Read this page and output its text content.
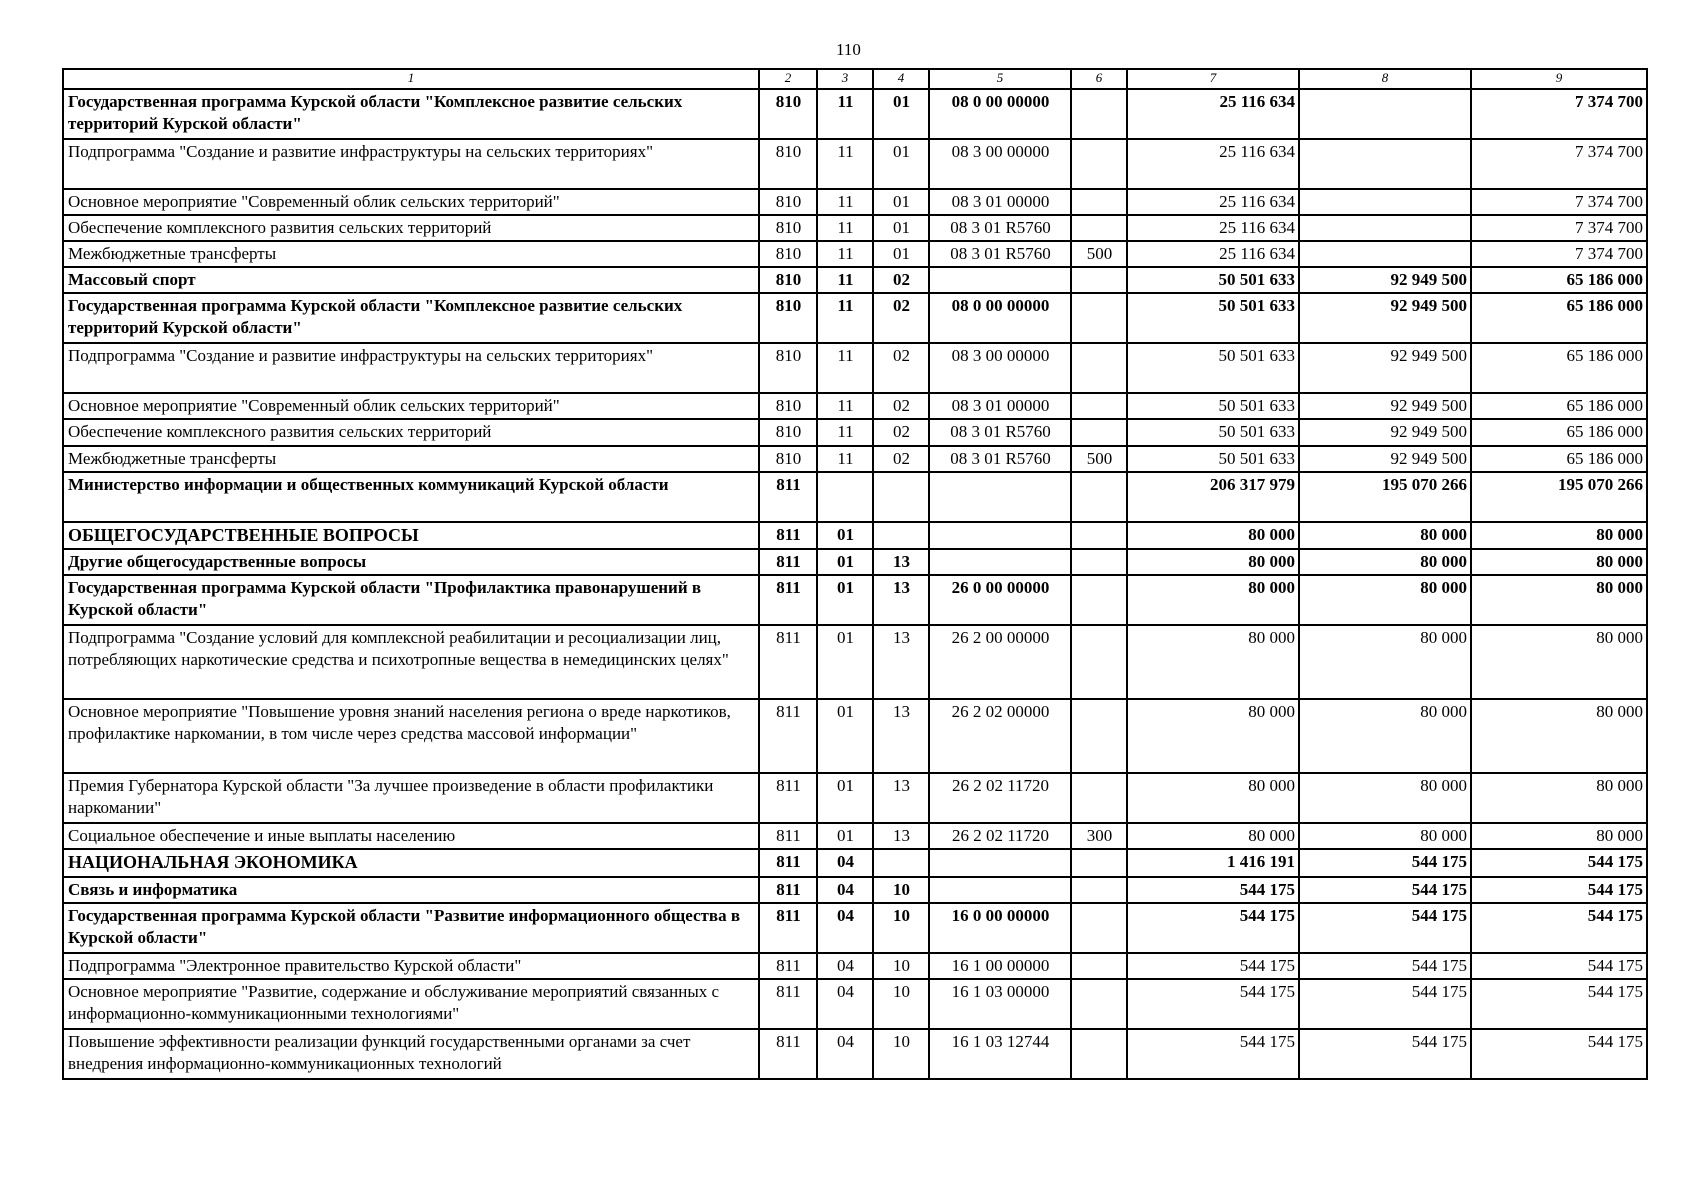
110
1	2	3	4	5	6	7	8	9
Государственная программа Курской области "Комплексное развитие сельских территорий Курской области"	810	11	01	08 0 00 00000		25 116 634		7 374 700
Подпрограмма "Создание и развитие инфраструктуры на сельских территориях"	810	11	01	08 3 00 00000		25 116 634		7 374 700
Основное мероприятие "Современный облик сельских территорий"	810	11	01	08 3 01 00000		25 116 634		7 374 700
Обеспечение комплексного развития сельских территорий	810	11	01	08 3 01 R5760		25 116 634		7 374 700
Межбюджетные трансферты	810	11	01	08 3 01 R5760	500	25 116 634		7 374 700
Массовый спорт	810	11	02			50 501 633	92 949 500	65 186 000
Государственная программа Курской области "Комплексное развитие сельских территорий Курской области"	810	11	02	08 0 00 00000		50 501 633	92 949 500	65 186 000
Подпрограмма "Создание и развитие инфраструктуры на сельских территориях"	810	11	02	08 3 00 00000		50 501 633	92 949 500	65 186 000
Основное мероприятие "Современный облик сельских территорий"	810	11	02	08 3 01 00000		50 501 633	92 949 500	65 186 000
Обеспечение комплексного развития сельских территорий	810	11	02	08 3 01 R5760		50 501 633	92 949 500	65 186 000
Межбюджетные трансферты	810	11	02	08 3 01 R5760	500	50 501 633	92 949 500	65 186 000
Министерство информации и общественных коммуникаций Курской области	811					206 317 979	195 070 266	195 070 266
ОБЩЕГОСУДАРСТВЕННЫЕ ВОПРОСЫ	811	01				80 000	80 000	80 000
Другие общегосударственные вопросы	811	01	13			80 000	80 000	80 000
Государственная программа Курской области "Профилактика правонарушений в Курской области"	811	01	13	26 0 00 00000		80 000	80 000	80 000
Подпрограмма "Создание условий для комплексной реабилитации и ресоциализации лиц, потребляющих наркотические средства и психотропные вещества в немедицинских целях"	811	01	13	26 2 00 00000		80 000	80 000	80 000
Основное мероприятие "Повышение уровня знаний населения региона о вреде наркотиков, профилактике наркомании, в том числе через средства массовой информации"	811	01	13	26 2 02 00000		80 000	80 000	80 000
Премия Губернатора Курской области "За лучшее произведение в области профилактики наркомании"	811	01	13	26 2 02 11720		80 000	80 000	80 000
Социальное обеспечение и иные выплаты населению	811	01	13	26 2 02 11720	300	80 000	80 000	80 000
НАЦИОНАЛЬНАЯ ЭКОНОМИКА	811	04				1 416 191	544 175	544 175
Связь и информатика	811	04	10			544 175	544 175	544 175
Государственная программа Курской области "Развитие информационного общества в Курской области"	811	04	10	16 0 00 00000		544 175	544 175	544 175
Подпрограмма "Электронное правительство Курской области"	811	04	10	16 1 00 00000		544 175	544 175	544 175
Основное мероприятие "Развитие, содержание и обслуживание мероприятий связанных с информационно-коммуникационными технологиями"	811	04	10	16 1 03 00000		544 175	544 175	544 175
Повышение эффективности реализации функций государственными органами за счет внедрения информационно-коммуникационных технологий	811	04	10	16 1 03 12744		544 175	544 175	544 175
